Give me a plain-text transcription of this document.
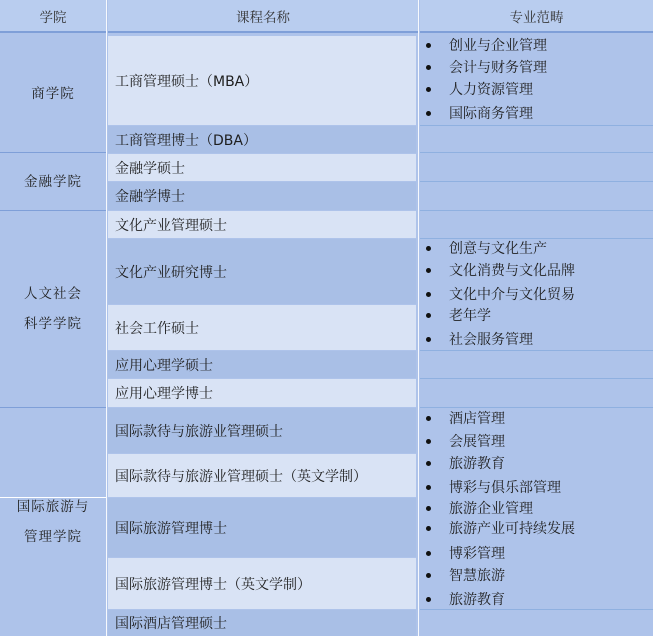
学院	课程名称	专业范畴
商学院
金融学院
人文社会
科学学院
国际旅游与
管理学院
工商管理硕士（MBA）
工商管理博士（DBA）
金融学硕士
金融学博士
文化产业管理硕士
文化产业研究博士
社会工作硕士
应用心理学硕士
应用心理学博士
国际款待与旅游业管理硕士
国际款待与旅游业管理硕士（英文学制）
国际旅游管理博士
国际旅游管理博士（英文学制）
国际酒店管理硕士
创业与企业管理
会计与财务管理
人力资源管理
国际商务管理
创意与文化生产
文化消费与文化品牌
文化中介与文化贸易
老年学
社会服务管理
酒店管理
会展管理
旅游教育
博彩与俱乐部管理
旅游企业管理
旅游产业可持续发展
博彩管理
智慧旅游
旅游教育
